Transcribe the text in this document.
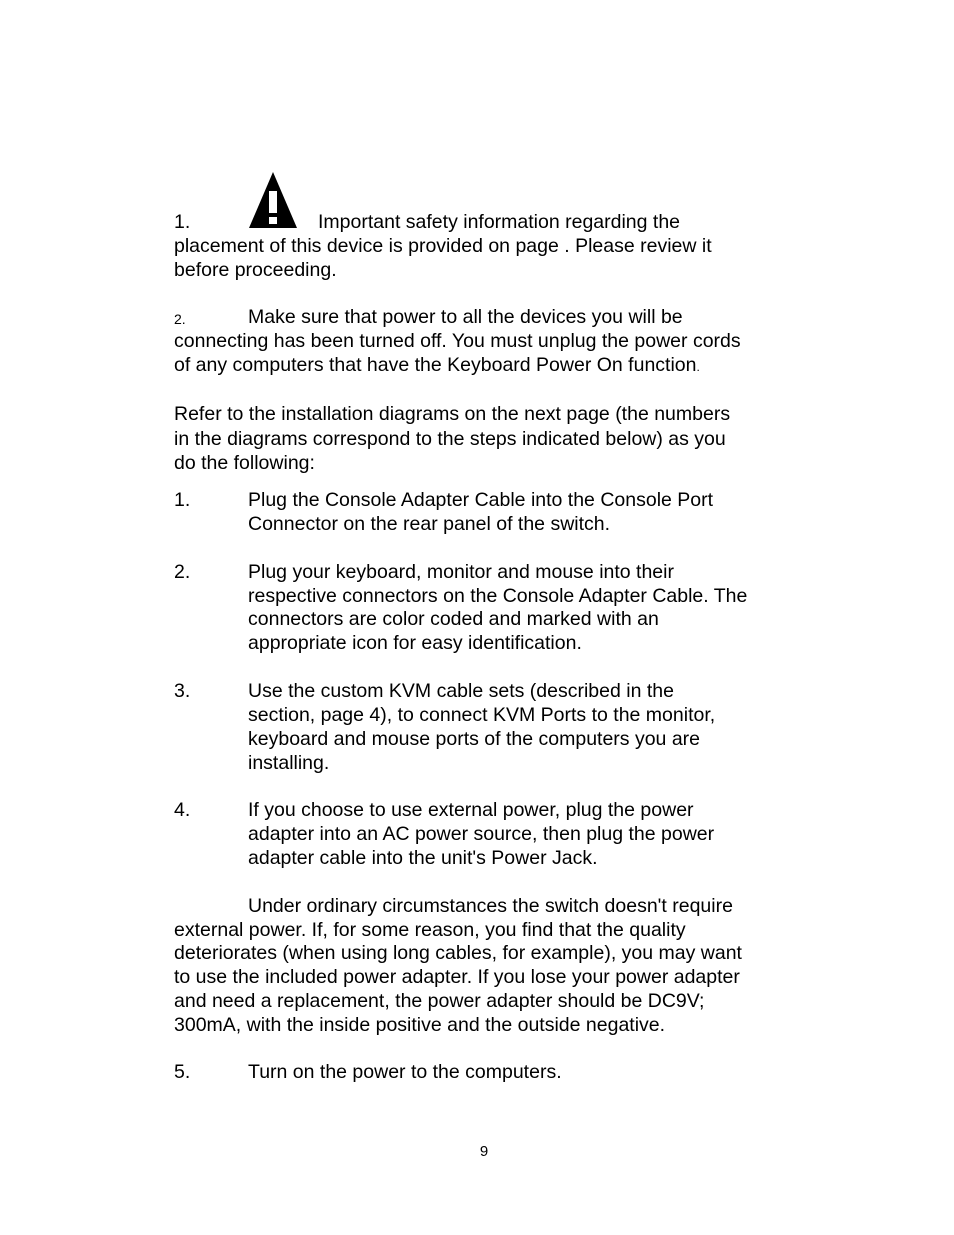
1.	Important safety information regarding the
placement of this device is provided on page . Please review it
before proceeding.
2.	Make sure that power to all the devices you will be
connecting has been turned off. You must unplug the power cords
of any computers that have the Keyboard Power On function.
Refer to the installation diagrams on the next page (the numbers
in the diagrams correspond to the steps indicated below) as you
do the following:
1.	Plug the Console Adapter Cable into the Console Port
Connector on the rear panel of the switch.
2.	Plug your keyboard, monitor and mouse into their
respective connectors on the Console Adapter Cable. The
connectors are color coded and marked with an
appropriate icon for easy identification.
3.	Use the custom KVM cable sets (described in the
section, page 4), to connect KVM Ports to the monitor,
keyboard and mouse ports of the computers you are
installing.
4.	If you choose to use external power, plug the power
adapter into an AC power source, then plug the power
adapter cable into the unit's Power Jack.
Under ordinary circumstances the switch doesn't require
external power. If, for some reason, you find that the quality
deteriorates (when using long cables, for example), you may want
to use the included power adapter. If you lose your power adapter
and need a replacement, the power adapter should be DC9V;
300mA, with the inside positive and the outside negative.
5.	Turn on the power to the computers.
9
